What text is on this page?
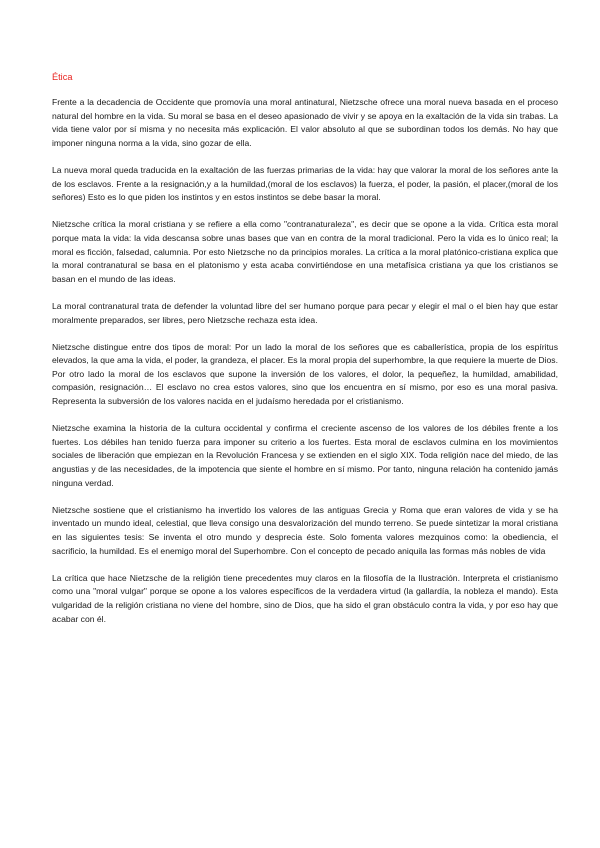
Ética

Frente a la decadencia de Occidente que promovía una moral antinatural, Nietzsche ofrece una moral nueva basada en el proceso natural del hombre en la vida. Su moral se basa en el deseo apasionado de vivir y se apoya en la exaltación de la vida sin trabas. La vida tiene valor por sí misma y no necesita más explicación. El valor absoluto al que se subordinan todos los demás. No hay que imponer ninguna norma a la vida, sino gozar de ella.

La nueva moral queda traducida en la exaltación de las fuerzas primarias de la vida: hay que valorar la moral de los señores ante la de los esclavos. Frente a la resignación,y a la humildad,(moral de los esclavos) la fuerza, el poder, la pasión, el placer,(moral de los señores) Esto es lo que piden los instintos y en estos instintos se debe basar la moral.

Nietzsche crítica la moral cristiana y se refiere a ella como "contranaturaleza", es decir que se opone a la vida. Crítica esta moral porque mata la vida: la vida descansa sobre unas bases que van en contra de la moral tradicional. Pero la vida es lo único real; la moral es ficción, falsedad, calumnia. Por esto Nietzsche no da principios morales. La crítica a la moral platónico-cristiana explica que la moral contranatural se basa en el platonismo y esta acaba convirtiéndose en una metafísica cristiana ya que los cristianos se basan en el mundo de las ideas.

La moral contranatural trata de defender la voluntad libre del ser humano porque para pecar y elegir el mal o el bien hay que estar moralmente preparados, ser libres, pero Nietzsche rechaza esta idea.

Nietzsche distingue entre dos tipos de moral: Por un lado la moral de los señores que es caballerística, propia de los espíritus elevados, la que ama la vida, el poder, la grandeza, el placer. Es la moral propia del superhombre, la que requiere la muerte de Dios. Por otro lado la moral de los esclavos que supone la inversión de los valores, el dolor, la pequeñez, la humildad, amabilidad, compasión, resignación… El esclavo no crea estos valores, sino que los encuentra en sí mismo, por eso es una moral pasiva. Representa la subversión de los valores nacida en el judaísmo heredada por el cristianismo.

Nietzsche examina la historia de la cultura occidental y confirma el creciente ascenso de los valores de los débiles frente a los fuertes. Los débiles han tenido fuerza para imponer su criterio a los fuertes. Esta moral de esclavos culmina en los movimientos sociales de liberación que empiezan en la Revolución Francesa y se extienden en el siglo XIX. Toda religión nace del miedo, de las angustias y de las necesidades, de la impotencia que siente el hombre en sí mismo. Por tanto, ninguna relación ha contenido jamás ninguna verdad.

Nietzsche sostiene que el cristianismo ha invertido los valores de las antiguas Grecia y Roma que eran valores de vida y se ha inventado un mundo ideal, celestial, que lleva consigo una desvalorización del mundo terreno. Se puede sintetizar la moral cristiana en las siguientes tesis: Se inventa el otro mundo y desprecia éste. Solo fomenta valores mezquinos como: la obediencia, el sacrificio, la humildad. Es el enemigo moral del Superhombre. Con el concepto de pecado aniquila las formas más nobles de vida

La crítica que hace Nietzsche de la religión tiene precedentes muy claros en la filosofía de la Ilustración. Interpreta el cristianismo como una "moral vulgar" porque se opone a los valores específicos de la verdadera virtud (la gallardía, la nobleza el mando). Esta vulgaridad de la religión cristiana no viene del hombre, sino de Dios, que ha sido el gran obstáculo contra la vida, y por eso hay que acabar con él.
